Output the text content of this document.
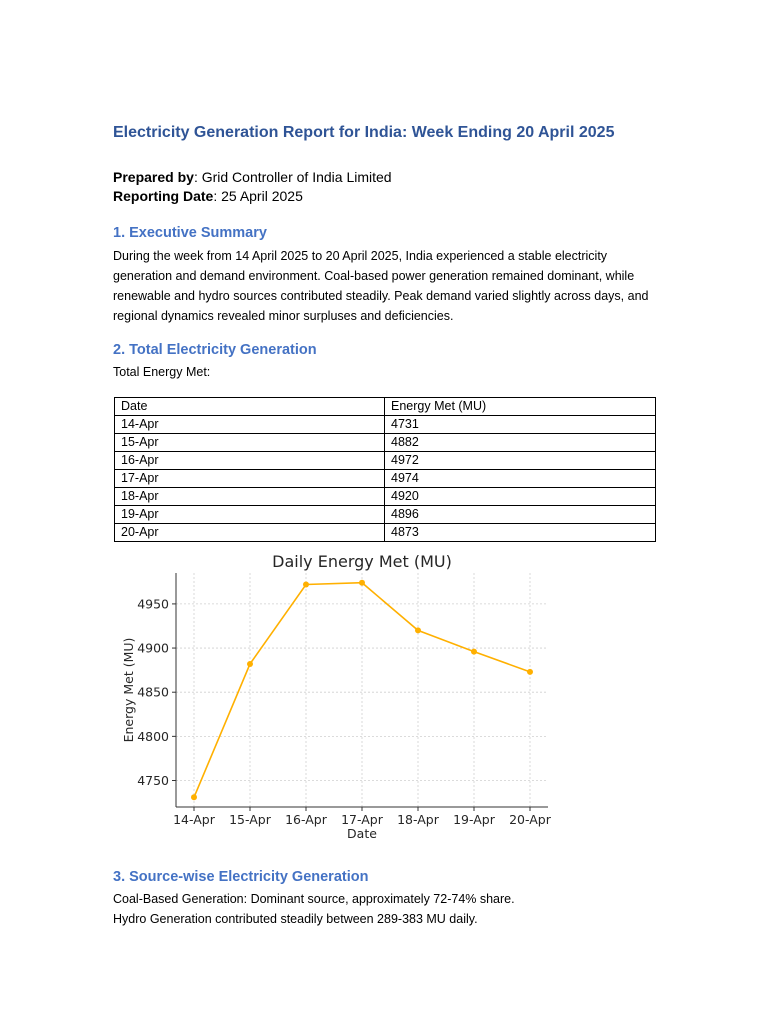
Electricity Generation Report for India: Week Ending 20 April 2025
Prepared by: Grid Controller of India Limited
Reporting Date: 25 April 2025
1. Executive Summary

During the week from 14 April 2025 to 20 April 2025, India experienced a stable electricity generation and demand environment. Coal-based power generation remained dominant, while renewable and hydro sources contributed steadily. Peak demand varied slightly across days, and regional dynamics revealed minor surpluses and deficiencies.

2. Total Electricity Generation

Total Energy Met:

Date	Energy Met (MU)
14-Apr	4731
15-Apr	4882
16-Apr	4972
17-Apr	4974
18-Apr	4920
19-Apr	4896
20-Apr	4873
Daily Energy Met (MU)
4750
4800
4850
4900
4950
14-Apr 15-Apr 16-Apr 17-Apr 18-Apr 19-Apr 20-Apr
Date
Energy Met (MU)
3. Source-wise Electricity Generation

Coal-Based Generation: Dominant source, approximately 72-74% share.

Hydro Generation contributed steadily between 289-383 MU daily.
